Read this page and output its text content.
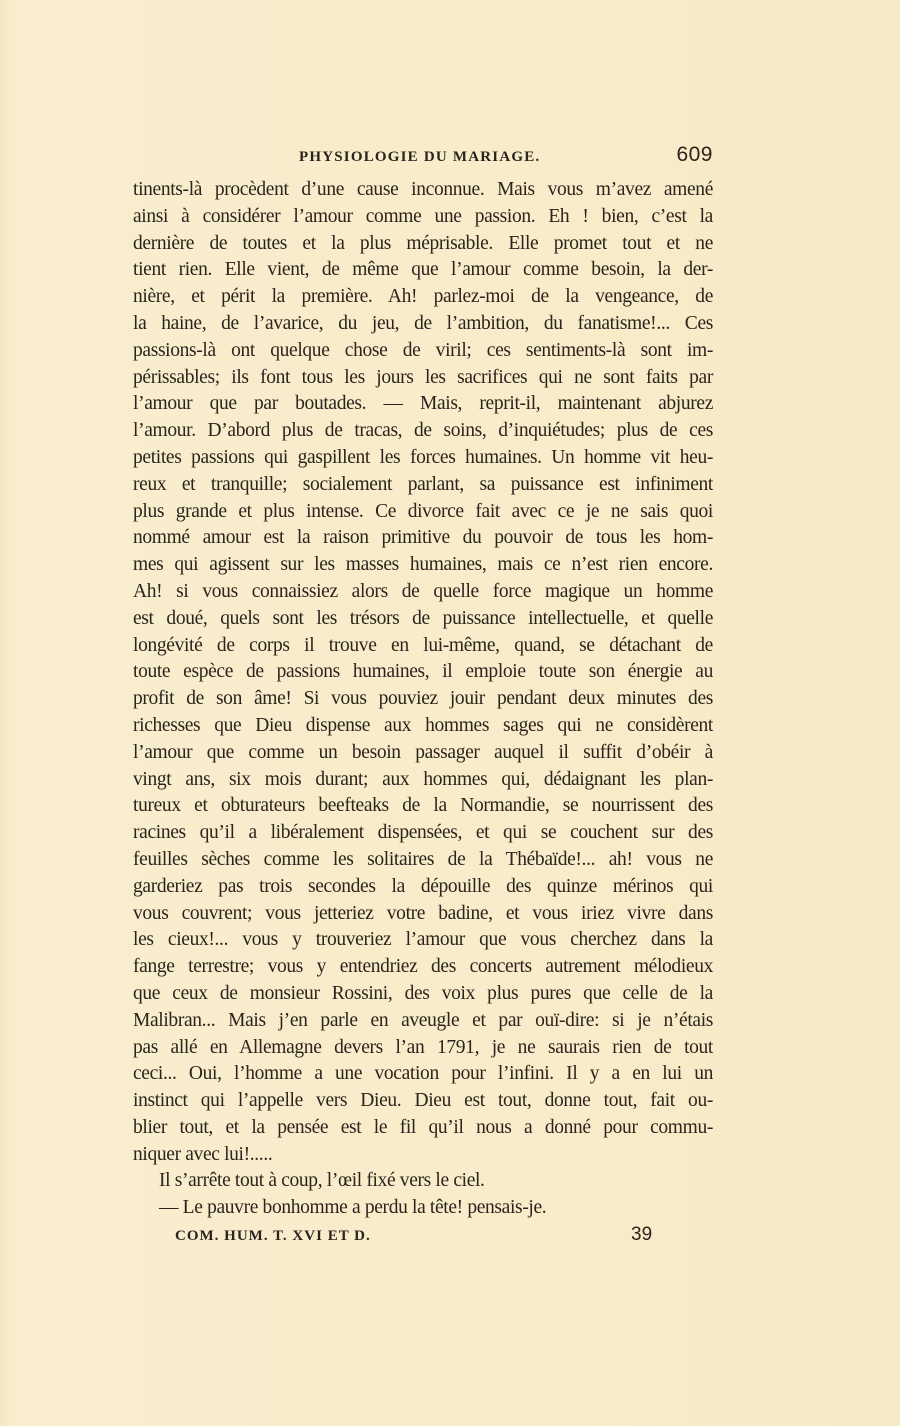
PHYSIOLOGIE DU MARIAGE.	609
tinents-là procèdent d’une cause inconnue. Mais vous m’avez amené
ainsi à considérer l’amour comme une passion. Eh ! bien, c’est la
dernière de toutes et la plus méprisable. Elle promet tout et ne
tient rien. Elle vient, de même que l’amour comme besoin, la der-
nière, et périt la première. Ah! parlez-moi de la vengeance, de
la haine, de l’avarice, du jeu, de l’ambition, du fanatisme!... Ces
passions-là ont quelque chose de viril; ces sentiments-là sont im-
périssables; ils font tous les jours les sacrifices qui ne sont faits par
l’amour que par boutades. — Mais, reprit-il, maintenant abjurez
l’amour. D’abord plus de tracas, de soins, d’inquiétudes; plus de ces
petites passions qui gaspillent les forces humaines. Un homme vit heu-
reux et tranquille; socialement parlant, sa puissance est infiniment
plus grande et plus intense. Ce divorce fait avec ce je ne sais quoi
nommé amour est la raison primitive du pouvoir de tous les hom-
mes qui agissent sur les masses humaines, mais ce n’est rien encore.
Ah! si vous connaissiez alors de quelle force magique un homme
est doué, quels sont les trésors de puissance intellectuelle, et quelle
longévité de corps il trouve en lui-même, quand, se détachant de
toute espèce de passions humaines, il emploie toute son énergie au
profit de son âme! Si vous pouviez jouir pendant deux minutes des
richesses que Dieu dispense aux hommes sages qui ne considèrent
l’amour que comme un besoin passager auquel il suffit d’obéir à
vingt ans, six mois durant; aux hommes qui, dédaignant les plan-
tureux et obturateurs beefteaks de la Normandie, se nourrissent des
racines qu’il a libéralement dispensées, et qui se couchent sur des
feuilles sèches comme les solitaires de la Thébaïde!... ah! vous ne
garderiez pas trois secondes la dépouille des quinze mérinos qui
vous couvrent; vous jetteriez votre badine, et vous iriez vivre dans
les cieux!... vous y trouveriez l’amour que vous cherchez dans la
fange terrestre; vous y entendriez des concerts autrement mélodieux
que ceux de monsieur Rossini, des voix plus pures que celle de la
Malibran... Mais j’en parle en aveugle et par ouï-dire: si je n’étais
pas allé en Allemagne devers l’an 1791, je ne saurais rien de tout
ceci... Oui, l’homme a une vocation pour l’infini. Il y a en lui un
instinct qui l’appelle vers Dieu. Dieu est tout, donne tout, fait ou-
blier tout, et la pensée est le fil qu’il nous a donné pour commu-
niquer avec lui!.....
Il s’arrête tout à coup, l’œil fixé vers le ciel.
— Le pauvre bonhomme a perdu la tête! pensais-je.
COM. HUM. T. XVI ET D.	39
